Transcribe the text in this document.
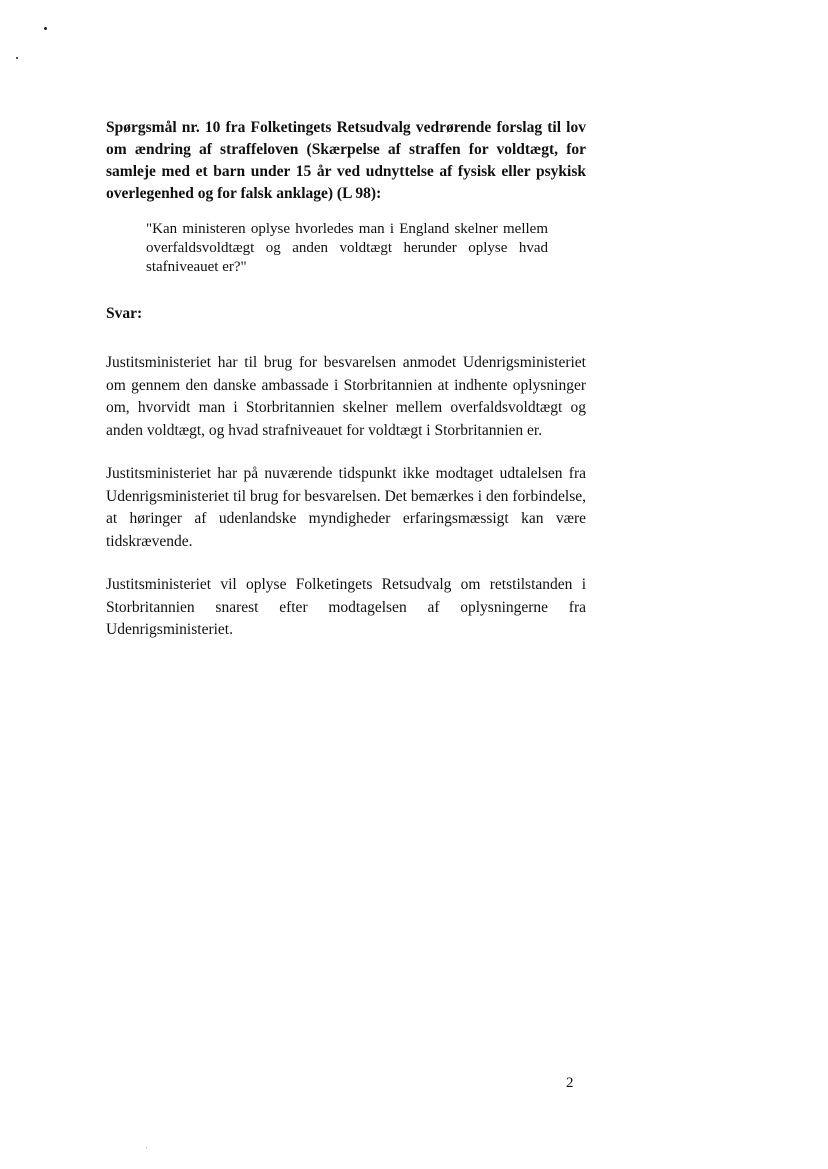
Spørgsmål nr. 10 fra Folketingets Retsudvalg vedrørende forslag til lov om ændring af straffeloven (Skærpelse af straffen for voldtægt, for samleje med et barn under 15 år ved udnyttelse af fysisk eller psykisk overlegenhed og for falsk anklage) (L 98):

"Kan ministeren oplyse hvorledes man i England skelner mellem overfaldsvoldtægt og anden voldtægt herunder oplyse hvad stafniveauet er?"

Svar:

Justitsministeriet har til brug for besvarelsen anmodet Udenrigsministeriet om gennem den danske ambassade i Storbritannien at indhente oplysninger om, hvorvidt man i Storbritannien skelner mellem overfaldsvoldtægt og anden voldtægt, og hvad strafniveauet for voldtægt i Storbritannien er.

Justitsministeriet har på nuværende tidspunkt ikke modtaget udtalelsen fra Udenrigsministeriet til brug for besvarelsen. Det bemærkes i den forbindelse, at høringer af udenlandske myndigheder erfaringsmæssigt kan være tidskrævende.

Justitsministeriet vil oplyse Folketingets Retsudvalg om retstilstanden i Storbritannien snarest efter modtagelsen af oplysningerne fra Udenrigsministeriet.

2
